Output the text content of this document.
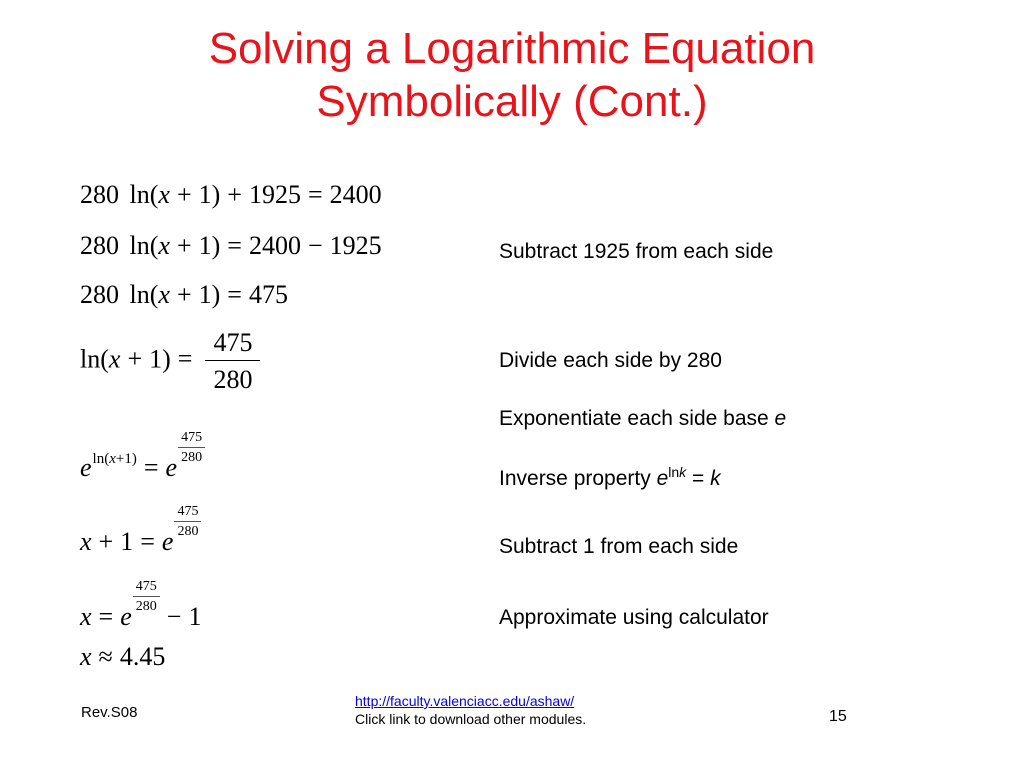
Solving a Logarithmic Equation
Symbolically (Cont.)
280 ln(x + 1) + 1925 = 2400
280 ln(x + 1) = 2400 − 1925
280 ln(x + 1) = 475
$\ln(x + 1) = \frac{475}{280}$
eln(x+1) = e
$\frac{475}{280}$
x + 1 = e
$\frac{475}{280}$
x = e
$\frac{475}{280}$
− 1
x ≈ 4.45
Subtract 1925 from each side
Divide each side by 280
Exponentiate each side base e
Inverse property $e^{lnk} = k$
Subtract 1 from each side
Approximate using calculator
Rev.S08
http://faculty.valenciacc.edu/ashaw/
Click link to download other modules.	15
